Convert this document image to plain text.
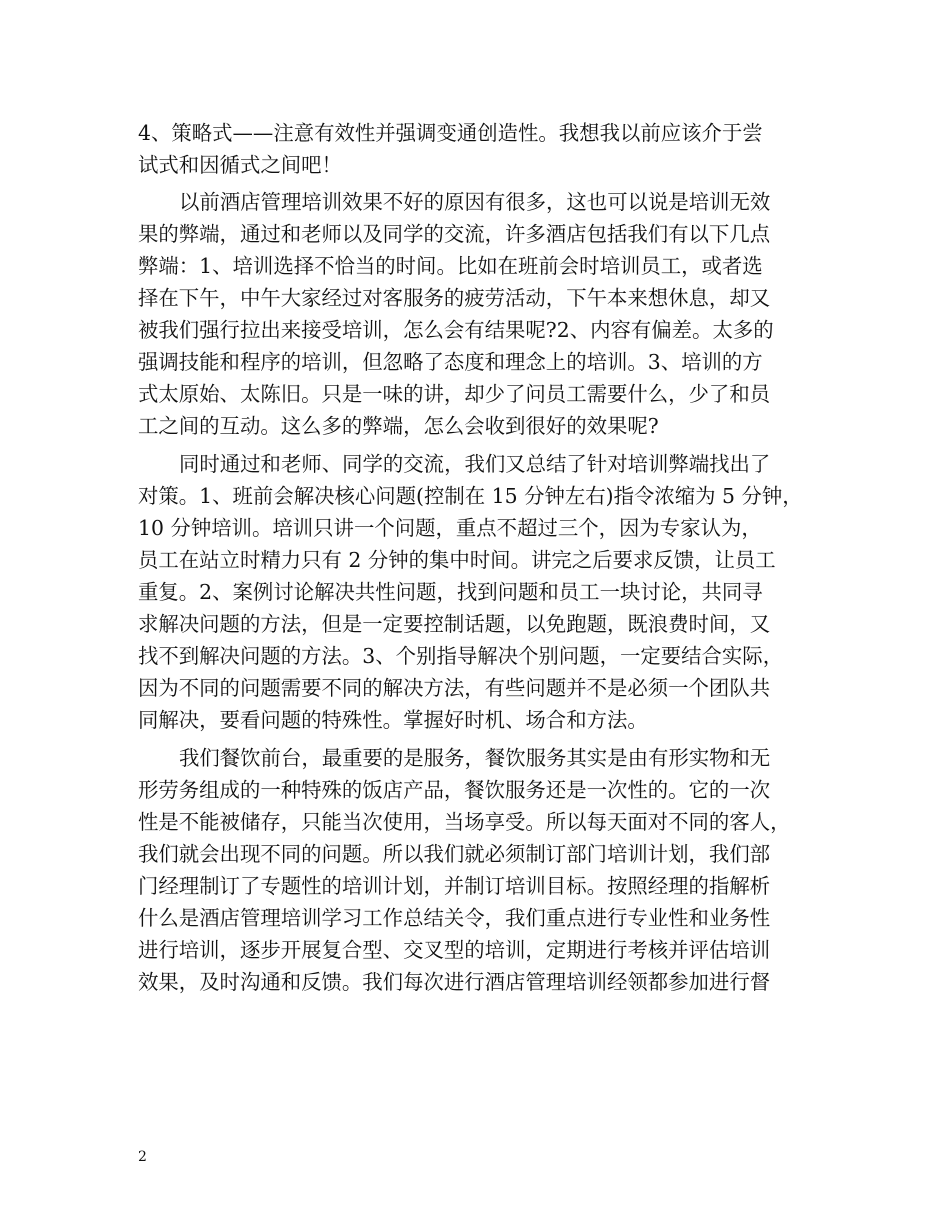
4、策略式——注意有效性并强调变通创造性。我想我以前应该介于尝
试式和因循式之间吧！
以前酒店管理培训效果不好的原因有很多，这也可以说是培训无效
果的弊端，通过和老师以及同学的交流，许多酒店包括我们有以下几点
弊端：1、培训选择不恰当的时间。比如在班前会时培训员工，或者选
择在下午，中午大家经过对客服务的疲劳活动，下午本来想休息，却又
被我们强行拉出来接受培训，怎么会有结果呢?2、内容有偏差。太多的
强调技能和程序的培训，但忽略了态度和理念上的培训。3、培训的方
式太原始、太陈旧。只是一味的讲，却少了问员工需要什么，少了和员
工之间的互动。这么多的弊端，怎么会收到很好的效果呢?
同时通过和老师、同学的交流，我们又总结了针对培训弊端找出了
对策。1、班前会解决核心问题(控制在 15 分钟左右)指令浓缩为 5 分钟，
10 分钟培训。培训只讲一个问题，重点不超过三个，因为专家认为，
员工在站立时精力只有 2 分钟的集中时间。讲完之后要求反馈，让员工
重复。2、案例讨论解决共性问题，找到问题和员工一块讨论，共同寻
求解决问题的方法，但是一定要控制话题，以免跑题，既浪费时间，又
找不到解决问题的方法。3、个别指导解决个别问题，一定要结合实际，
因为不同的问题需要不同的解决方法，有些问题并不是必须一个团队共
同解决，要看问题的特殊性。掌握好时机、场合和方法。
我们餐饮前台，最重要的是服务，餐饮服务其实是由有形实物和无
形劳务组成的一种特殊的饭店产品，餐饮服务还是一次性的。它的一次
性是不能被储存，只能当次使用，当场享受。所以每天面对不同的客人，
我们就会出现不同的问题。所以我们就必须制订部门培训计划，我们部
门经理制订了专题性的培训计划，并制订培训目标。按照经理的指解析
什么是酒店管理培训学习工作总结关令，我们重点进行专业性和业务性
进行培训，逐步开展复合型、交叉型的培训，定期进行考核并评估培训
效果，及时沟通和反馈。我们每次进行酒店管理培训经领都参加进行督
2
